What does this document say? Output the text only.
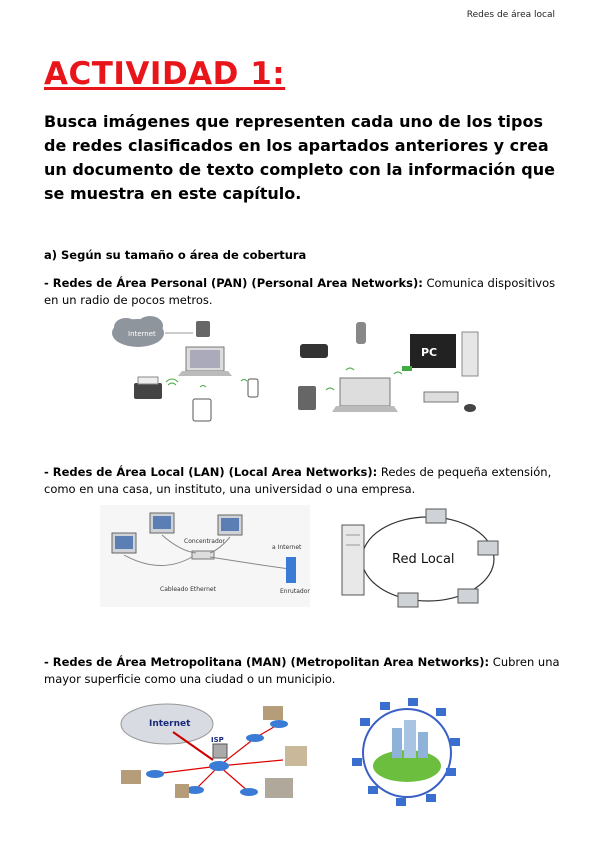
Redes de área local
ACTIVIDAD 1:
Busca imágenes que representen cada uno de los tipos de redes clasificados en los apartados anteriores y crea un documento de texto completo con la información que se muestra en este capítulo.
a) Según su tamaño o área de cobertura
- Redes de Área Personal (PAN) (Personal Area Networks): Comunica dispositivos en un radio de pocos metros.
Internet
PC
- Redes de Área Local (LAN) (Local Area Networks): Redes de pequeña extensión, como en una casa, un instituto, una universidad o una empresa.
Concentrador
a Internet
Cableado Ethernet	Enrutador
Red Local
- Redes de Área Metropolitana (MAN) (Metropolitan Area Networks): Cubren una mayor superficie como una ciudad o un municipio.
Internet
ISP
